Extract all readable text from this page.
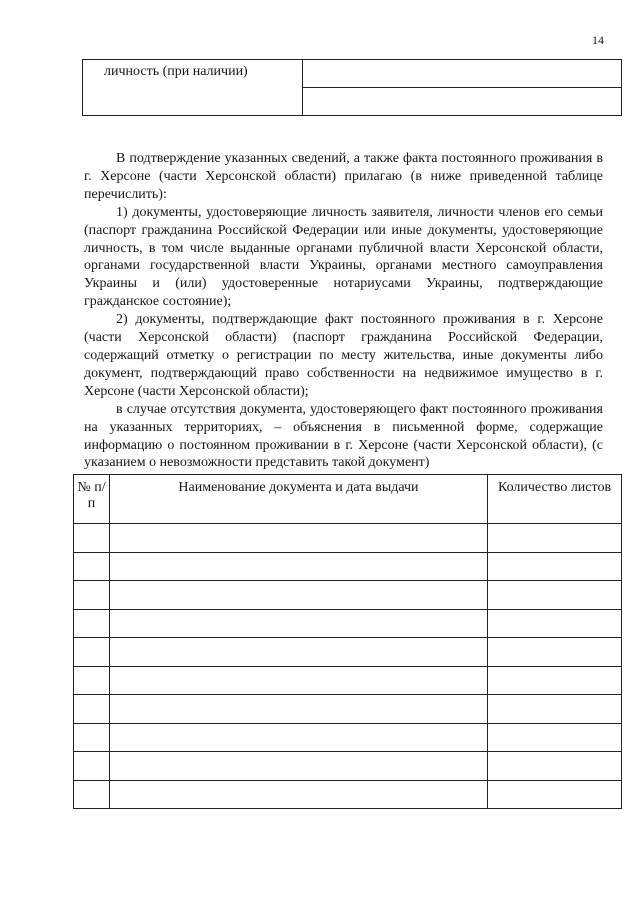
14
личность (при наличии)	

В подтверждение указанных сведений, а также факта постоянного проживания в г. Херсоне (части Херсонской области) прилагаю (в ниже приведенной таблице перечислить):

1) документы, удостоверяющие личность заявителя, личности членов его семьи (паспорт гражданина Российской Федерации или иные документы, удостоверяющие личность, в том числе выданные органами публичной власти Херсонской области, органами государственной власти Украины, органами местного самоуправления Украины и (или) удостоверенные нотариусами Украины, подтверждающие гражданское состояние);

2) документы, подтверждающие факт постоянного проживания в г. Херсоне (части Херсонской области) (паспорт гражданина Российской Федерации, содержащий отметку о регистрации по месту жительства, иные документы либо документ, подтверждающий право собственности на недвижимое имущество в г. Херсоне (части Херсонской области);

в случае отсутствия документа, удостоверяющего факт постоянного проживания на указанных территориях, – объяснения в письменной форме, содержащие информацию о постоянном проживании в г. Херсоне (части Херсонской области), (с указанием о невозможности представить такой документ)

№ п/п	Наименование документа и дата выдачи	Количество листов
